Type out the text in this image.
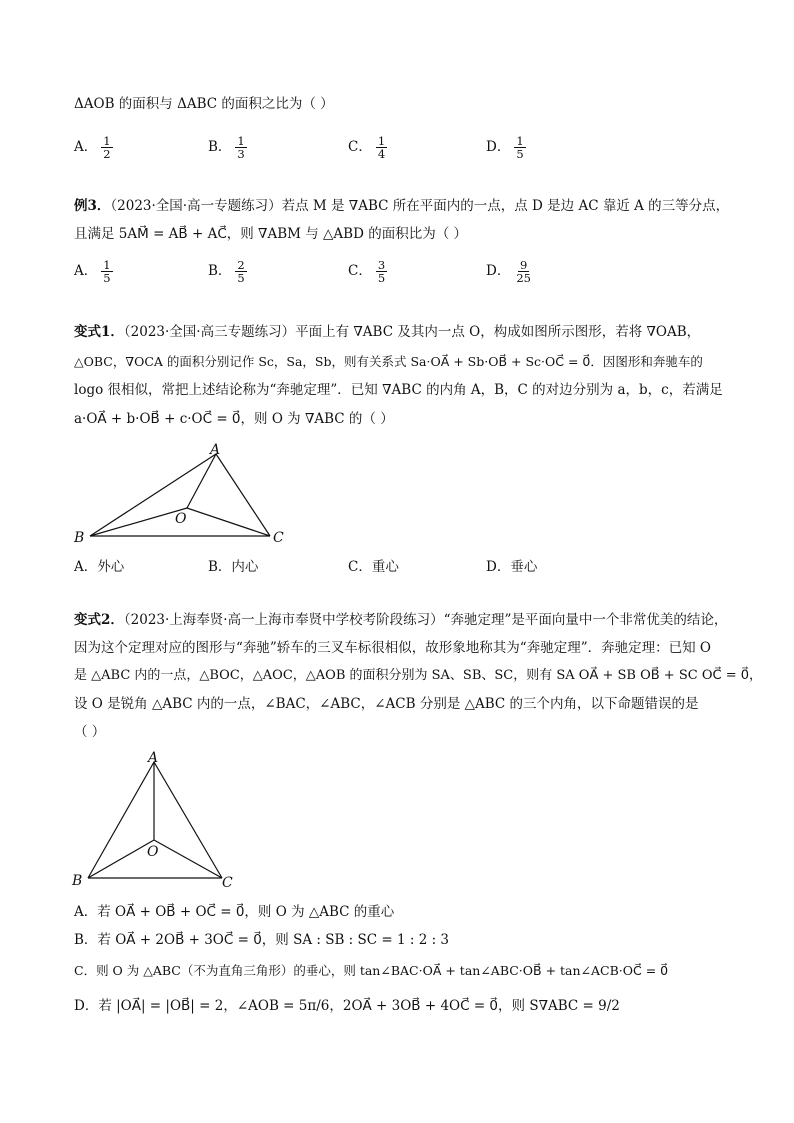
ΔAOB 的面积与 ΔABC 的面积之比为（ ）
A． $\frac{1}{2}$	B． $\frac{1}{3}$	C． $\frac{1}{4}$	D． $\frac{1}{5}$
例3．（2023·全国·高一专题练习）若点 M 是 ∇ABC 所在平面内的一点，点 D 是边 AC 靠近 A 的三等分点，
且满足 5AM⃗ = AB⃗ + AC⃗，则 ∇ABM 与 △ABD 的面积比为（ ）
A． $\frac{1}{5}$	B． $\frac{2}{5}$	C． $\frac{3}{5}$	D． $\frac{9}{25}$
变式1．（2023·全国·高三专题练习）平面上有 ∇ABC 及其内一点 O，构成如图所示图形，若将 ∇OAB，
△OBC，∇OCA 的面积分别记作 Sc，Sa，Sb，则有关系式 Sa·OA⃗ + Sb·OB⃗ + Sc·OC⃗ = 0⃗．因图形和奔驰车的
logo 很相似，常把上述结论称为“奔驰定理”．已知 ∇ABC 的内角 A，B，C 的对边分别为 a，b，c，若满足
a·OA⃗ + b·OB⃗ + c·OC⃗ = 0⃗，则 O 为 ∇ABC 的（ ）
A
B	C
O
A．外心	B．内心	C．重心	D．垂心
变式2．（2023·上海奉贤·高一上海市奉贤中学校考阶段练习）“奔驰定理”是平面向量中一个非常优美的结论，
因为这个定理对应的图形与“奔驰”轿车的三叉车标很相似，故形象地称其为“奔驰定理”．奔驰定理：已知 O
是 △ABC 内的一点，△BOC，△AOC，△AOB 的面积分别为 SA、SB、SC，则有 SA OA⃗ + SB OB⃗ + SC OC⃗ = 0⃗，
设 O 是锐角 △ABC 内的一点，∠BAC，∠ABC，∠ACB 分别是 △ABC 的三个内角，以下命题错误的是
（ ）
A
B	C
O
A．若 OA⃗ + OB⃗ + OC⃗ = 0⃗，则 O 为 △ABC 的重心
B．若 OA⃗ + 2OB⃗ + 3OC⃗ = 0⃗，则 SA : SB : SC = 1 : 2 : 3
C．则 O 为 △ABC（不为直角三角形）的垂心，则 tan∠BAC·OA⃗ + tan∠ABC·OB⃗ + tan∠ACB·OC⃗ = 0⃗
D．若 |OA⃗| = |OB⃗| = 2，∠AOB = 5π/6，2OA⃗ + 3OB⃗ + 4OC⃗ = 0⃗，则 S∇ABC = 9/2
